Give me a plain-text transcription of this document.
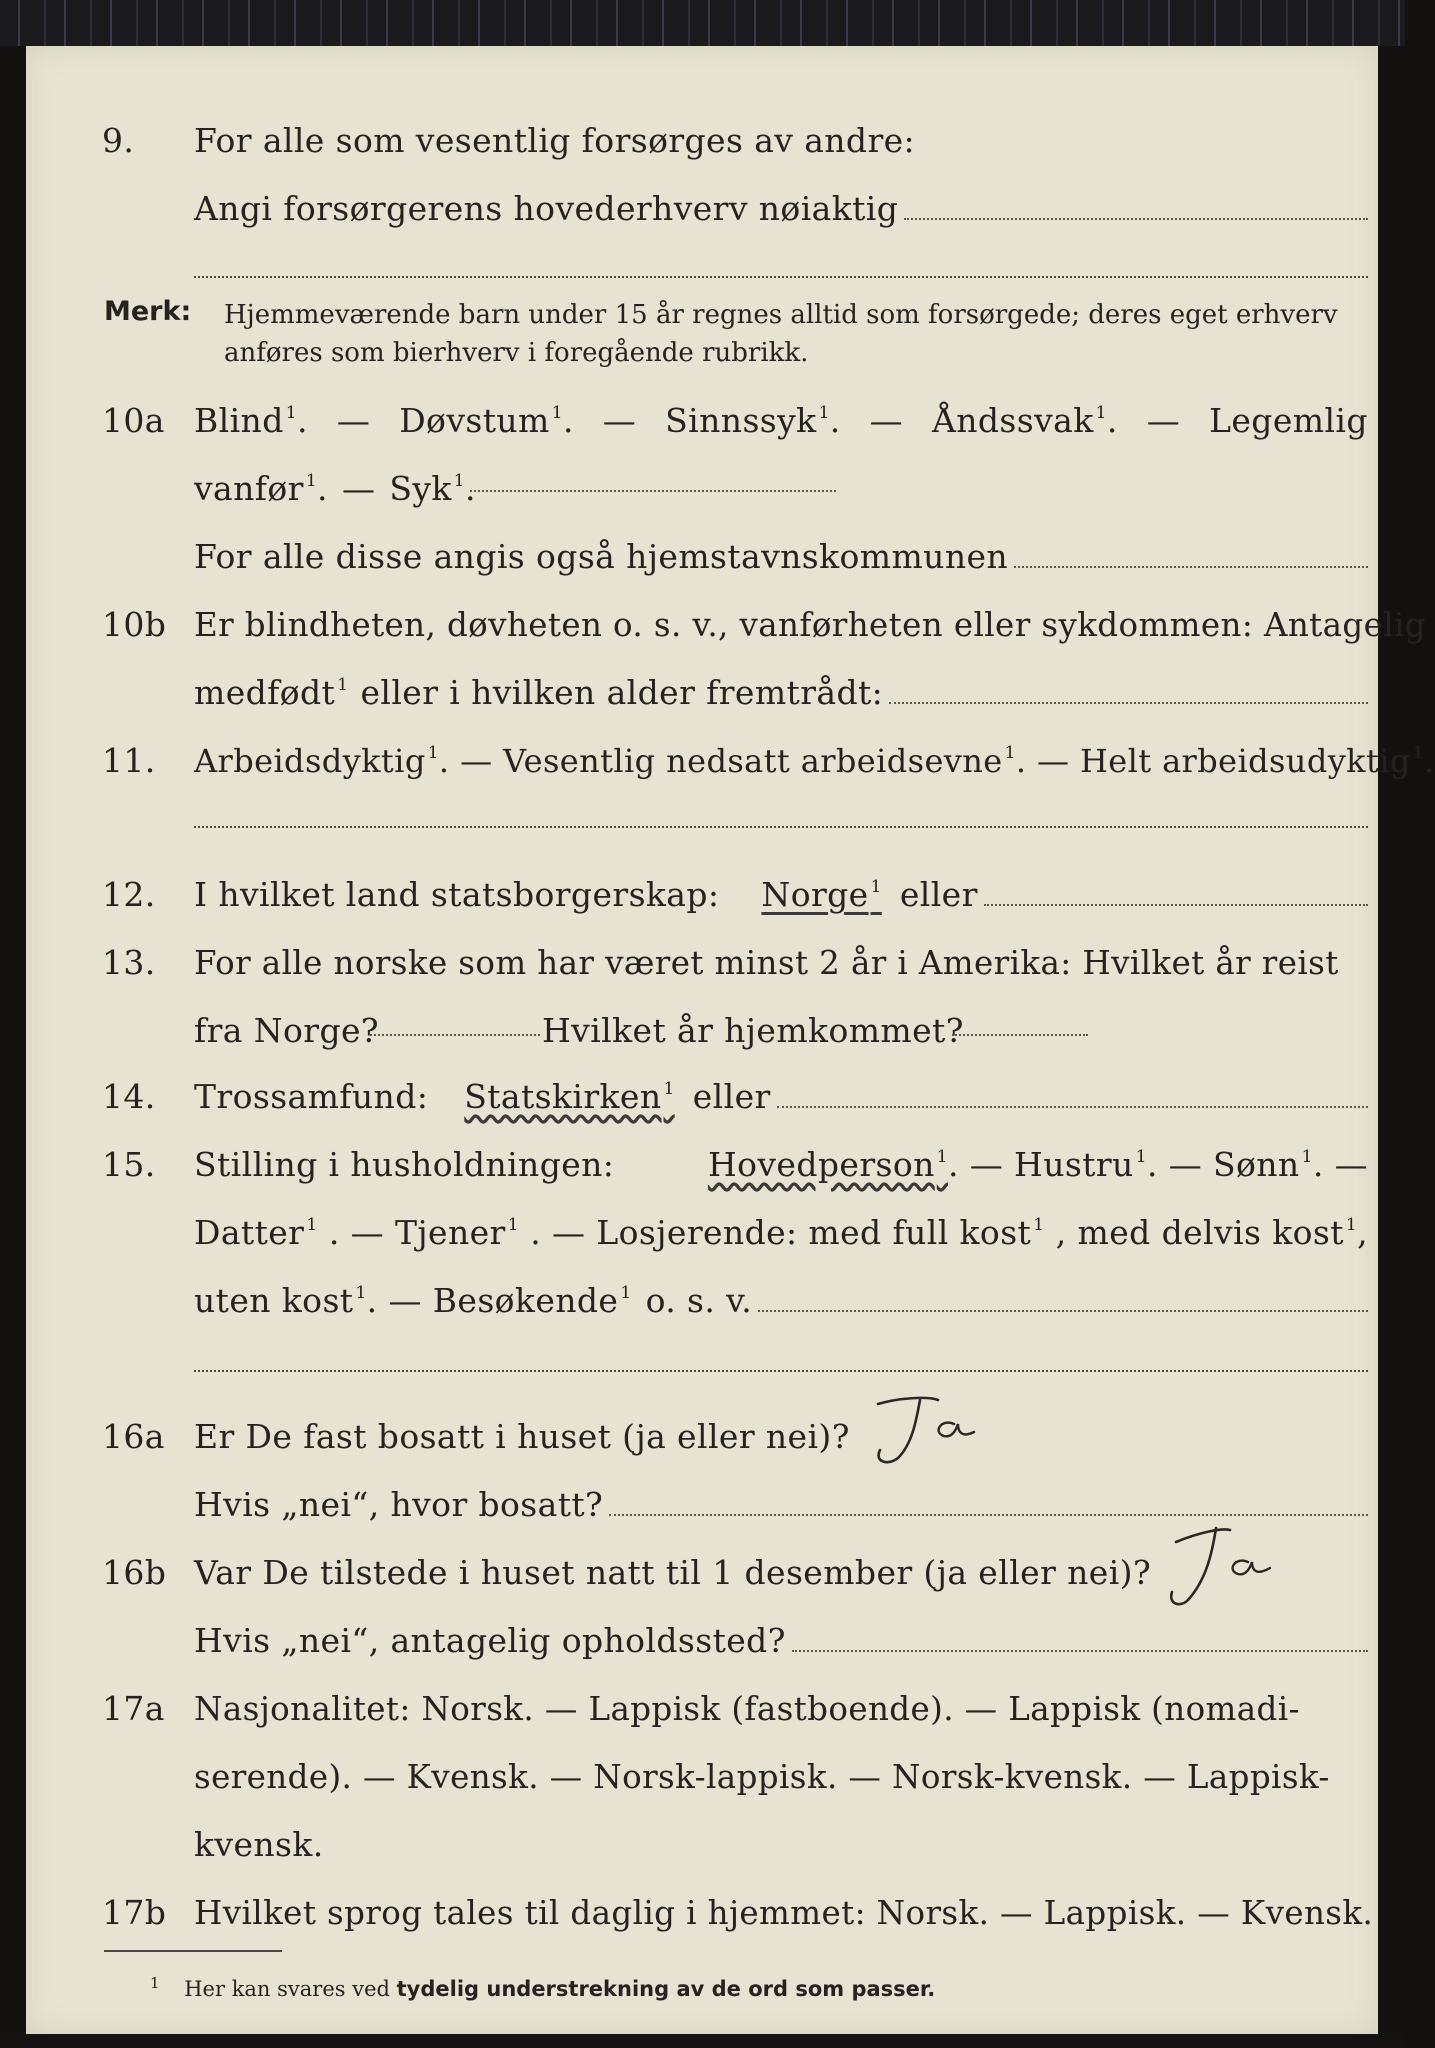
9.	For alle som vesentlig forsørges av andre:
Angi forsørgerens hovederhverv nøiaktig
Merk: Hjemmeværende barn under 15 år regnes alltid som forsørgede; deres eget erhverv anføres som bierhverv i foregående rubrikk.
10a Blind $^1$. — Døvstum $^1$. — Sinnssyk $^1$. — Åndssvak $^1$. — Legemlig
vanfør $^1$. — Syk $^1$.
For alle disse angis også hjemstavnskommunen
10b Er blindheten, døvheten o. s. v., vanførheten eller sykdommen: Antagelig
medfødt $^1$ eller i hvilken alder fremtrådt:
11.	Arbeidsdyktig $^1$. — Vesentlig nedsatt arbeidsevne $^1$. — Helt arbeidsudyktig $^1$.
12.	I hvilket land statsborgerskap: Norge $^1$ eller
13.	For alle norske som har været minst 2 år i Amerika: Hvilket år reist
fra Norge?	Hvilket år hjemkommet?
14.	Trossamfund: Statskirken $^1$ eller
15.	Stilling i husholdningen:	Hovedperson $^1$. — Hustru $^1$. — Sønn $^1$. —
Datter $^1$ . — Tjener $^1$ . — Losjerende: med full kost $^1$ , med delvis kost $^1$,
uten kost $^1$ . — Besøkende $^1$ o. s. v.
16a Er De fast bosatt i huset (ja eller nei)?	Ja
Hvis „nei“, hvor bosatt?
16b Var De tilstede i huset natt til 1 desember (ja eller nei)?	Ja
Hvis „nei“, antagelig opholdssted?
17a Nasjonalitet: Norsk. — Lappisk (fastboende). — Lappisk (nomadi-
serende). — Kvensk. — Norsk-lappisk. — Norsk-kvensk. — Lappisk-
kvensk.
17b Hvilket sprog tales til daglig i hjemmet: Norsk. — Lappisk. — Kvensk.
$^1$ Her kan svares ved tydelig understrekning av de ord som passer.
